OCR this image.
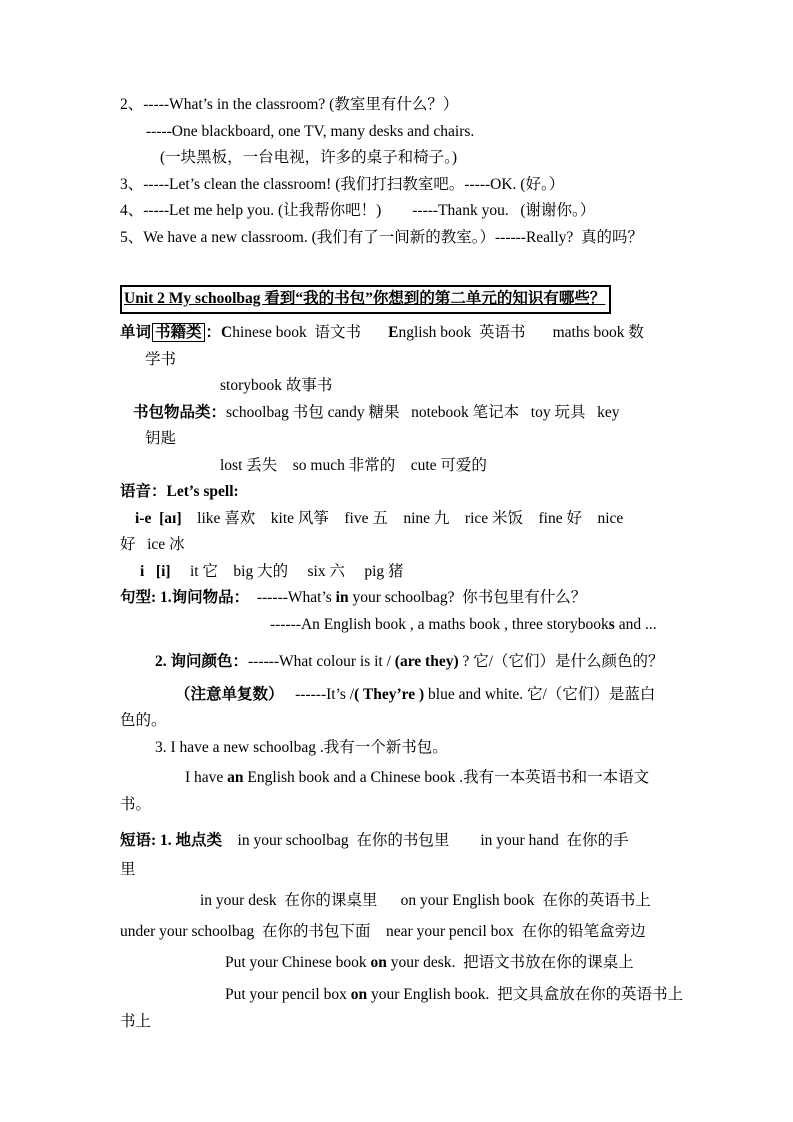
2、-----What’s in the classroom? (教室里有什么？）
-----One blackboard, one TV, many desks and chairs.
(一块黑板，一台电视，许多的桌子和椅子。)
3、-----Let’s clean the classroom! (我们打扫教室吧。-----OK. (好。）
4、-----Let me help you. (让我帮你吧！)        -----Thank you.   (谢谢你。）
5、We have a new classroom. (我们有了一间新的教室。）------Really?  真的吗？
Unit 2 My schoolbag 看到“我的书包”你想到的第二单元的知识有哪些？
单词 书籍类 ：Chinese book  语文书       English book  英语书       maths book 数
学书
storybook 故事书
书包物品类：schoolbag 书包 candy 糖果   notebook 笔记本   toy 玩具   key
钥匙
lost 丢失    so much 非常的    cute 可爱的
语音：Let’s spell:
i-e  [aɪ]    like 喜欢    kite 风筝    five 五    nine 九    rice 米饭    fine 好    nice
好   ice 冰
i   [i]     it 它    big 大的     six 六     pig 猪
句型: 1.询问物品：  ------What’s in your schoolbag?  你书包里有什么？
------An English book , a maths book , three storybooks and ...
2. 询问颜色：------What colour is it / (are they) ? 它/（它们）是什么颜色的？
（注意单复数）   ------It’s /( They’re ) blue and white. 它/（它们）是蓝白
色的。
3. I have a new schoolbag .我有一个新书包。
I have an English book and a Chinese book .我有一本英语书和一本语文
书。
短语: 1. 地点类    in your schoolbag  在你的书包里        in your hand  在你的手
里
in your desk  在你的课桌里      on your English book  在你的英语书上
under your schoolbag  在你的书包下面    near your pencil box  在你的铅笔盒旁边
Put your Chinese book on your desk.  把语文书放在你的课桌上
Put your pencil box on your English book.  把文具盒放在你的英语书上
书上
